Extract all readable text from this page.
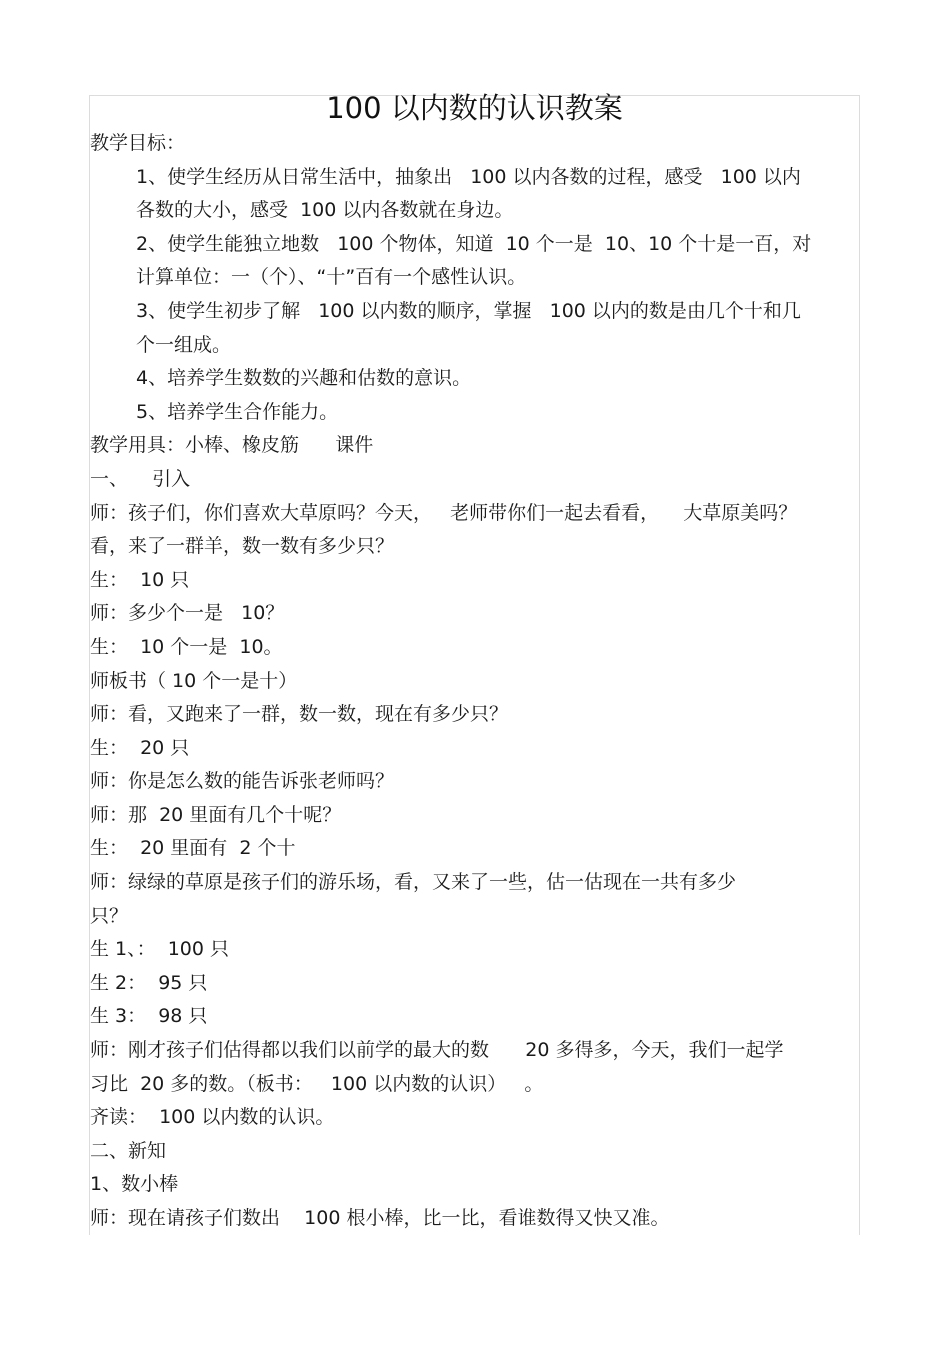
100 以内数的认识教案
教学目标：
1、使学生经历从日常生活中，抽象出   100 以内各数的过程，感受   100 以内
各数的大小，感受  100 以内各数就在身边。
2、使学生能独立地数   100 个物体，知道  10 个一是  10、10 个十是一百，对
计算单位：一（个）、“十”百有一个感性认识。
3、使学生初步了解   100 以内数的顺序，掌握   100 以内的数是由几个十和几
个一组成。
4、培养学生数数的兴趣和估数的意识。
5、培养学生合作能力。
教学用具：小棒、橡皮筋      课件
一、    引入
师：孩子们，你们喜欢大草原吗？今天，   老师带你们一起去看看，    大草原美吗？
看，来了一群羊，数一数有多少只？
生：  10 只
师：多少个一是   10？
生：  10 个一是  10。
师板书（ 10 个一是十）
师：看，又跑来了一群，数一数，现在有多少只？
生：  20 只
师：你是怎么数的能告诉张老师吗？
师：那  20 里面有几个十呢？
生：  20 里面有  2 个十
师：绿绿的草原是孩子们的游乐场，看，又来了一些，估一估现在一共有多少
只？
生 1、：  100 只
生 2：  95 只
生 3：  98 只
师：刚才孩子们估得都以我们以前学的最大的数      20 多得多，今天，我们一起学
习比  20 多的数。（板书：   100 以内数的认识）   。
齐读：  100 以内数的认识。
二、新知
1、数小棒
师：现在请孩子们数出    100 根小棒，比一比，看谁数得又快又准。
